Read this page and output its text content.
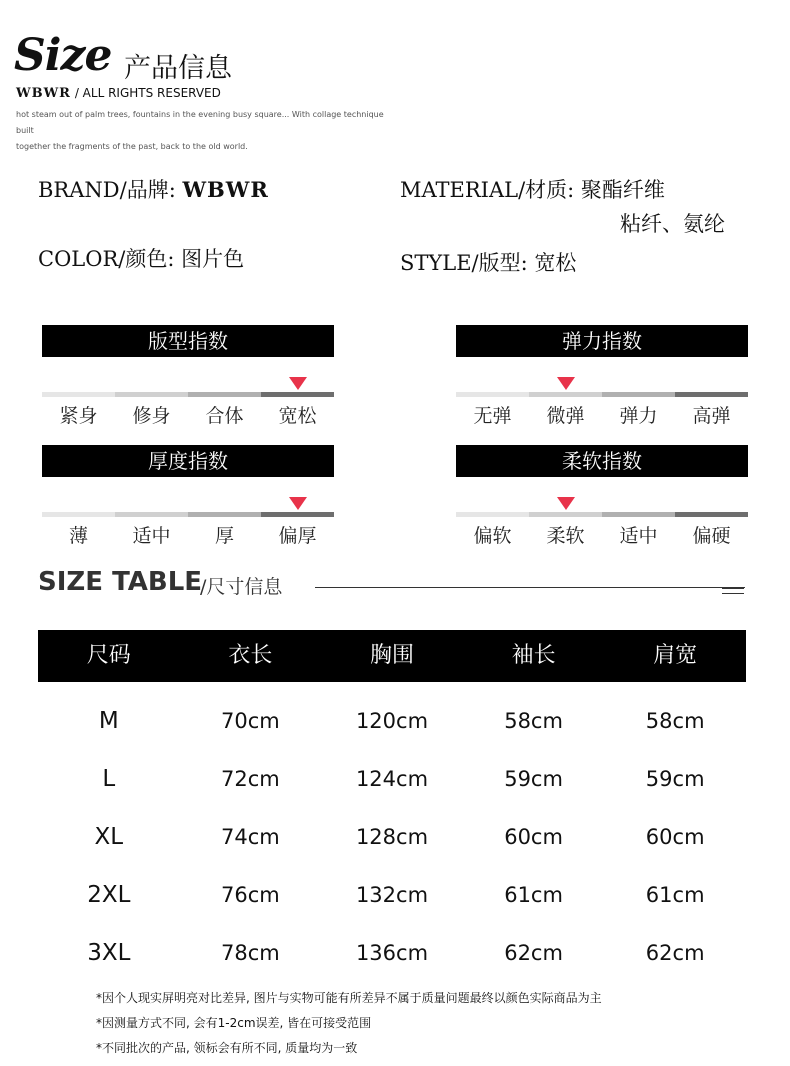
Size 产品信息
WBWR / ALL RIGHTS RESERVED
hot steam out of palm trees, fountains in the evening busy square... With collage technique built
together the fragments of the past, back to the old world.
BRAND/品牌: WBWR	MATERIAL/材质: 聚酯纤维
粘纤、氨纶
COLOR/颜色: 图片色	STYLE/版型: 宽松
版型指数
紧身	修身	合体	宽松
弹力指数
无弹	微弹	弹力	高弹
厚度指数
薄	适中	厚	偏厚
柔软指数
偏软	柔软	适中	偏硬
SIZE TABLE
/尺寸信息
尺码	衣长	胸围	袖长	肩宽
M	70cm	120cm	58cm	58cm
L	72cm	124cm	59cm	59cm
XL	74cm	128cm	60cm	60cm
2XL	76cm	132cm	61cm	61cm
3XL	78cm	136cm	62cm	62cm
*因个人现实屏明亮对比差异, 图片与实物可能有所差异不属于质量问题最终以颜色实际商品为主
*因测量方式不同, 会有1-2cm误差, 皆在可接受范围
*不同批次的产品, 领标会有所不同, 质量均为一致
